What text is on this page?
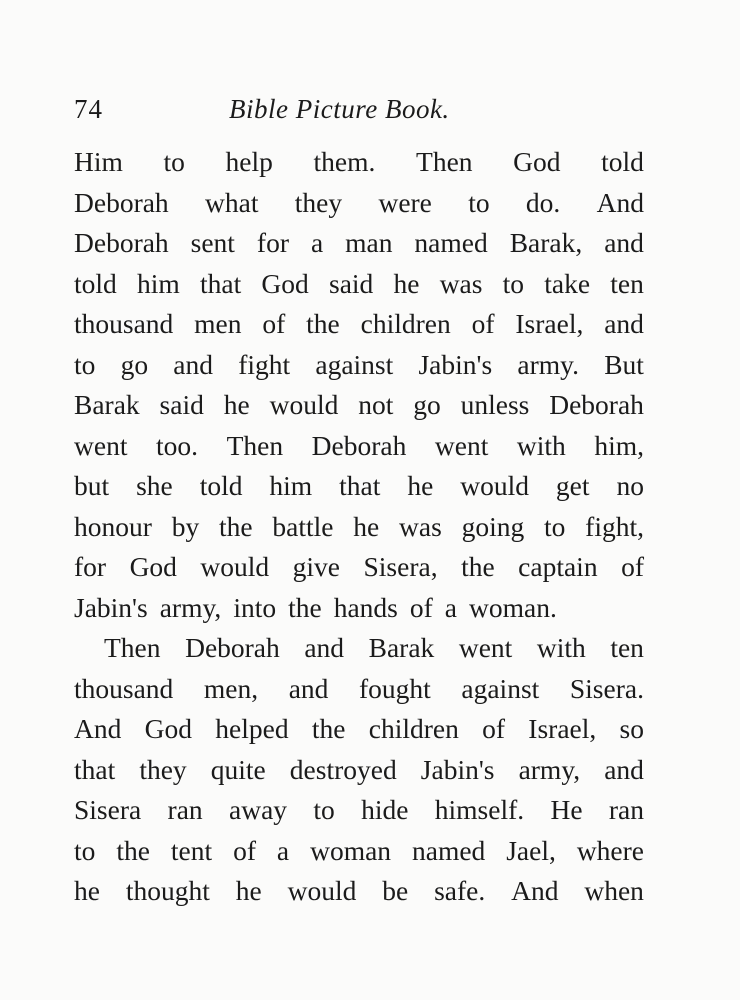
74	Bible Picture Book.
Him to help them. Then God told
Deborah what they were to do. And
Deborah sent for a man named Barak, and
told him that God said he was to take ten
thousand men of the children of Israel, and
to go and fight against Jabin's army. But
Barak said he would not go unless Deborah
went too. Then Deborah went with him,
but she told him that he would get no
honour by the battle he was going to fight,
for God would give Sisera, the captain of
Jabin's army, into the hands of a woman.
Then Deborah and Barak went with ten
thousand men, and fought against Sisera.
And God helped the children of Israel, so
that they quite destroyed Jabin's army, and
Sisera ran away to hide himself. He ran
to the tent of a woman named Jael, where
he thought he would be safe. And when
